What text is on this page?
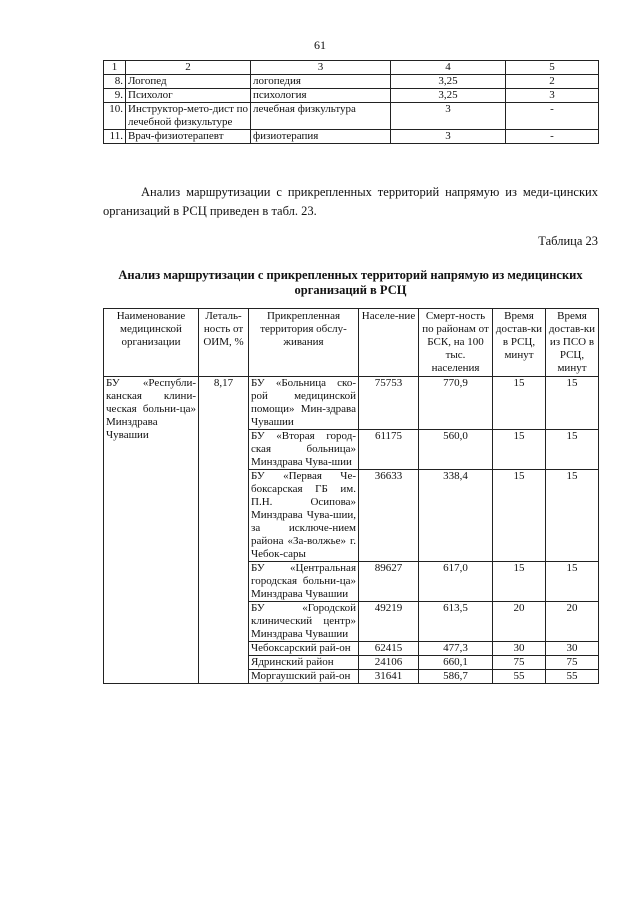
61
1	2	3	4	5
8.	Логопед	логопедия	3,25	2
9.	Психолог	психология	3,25	3
10.	Инструктор-мето-дист по лечебной физкультуре	лечебная физкультура	3	-
11.	Врач-физиотерапевт	физиотерапия	3	-
Анализ маршрутизации с прикрепленных территорий напрямую из меди-цинских организаций в РСЦ приведен в табл. 23.
Таблица 23
Анализ маршрутизации с прикрепленных территорий напрямую из медицинских организаций в РСЦ
Наименование медицинской организации	Леталь-ность от ОИМ, %	Прикрепленная территория обслу-живания	Населе-ние	Смерт-ность по районам от БСК, на 100 тыс. населения	Время достав-ки в РСЦ, минут	Время достав-ки из ПСО в РСЦ, минут
БУ «Республи-канская клини-ческая больни-ца» Минздрава Чувашии	8,17	БУ «Больница ско-рой медицинской помощи» Мин-здрава Чувашии	75753	770,9	15	15
		БУ «Вторая город-ская больница» Минздрава Чува-шии	61175	560,0	15	15
		БУ «Первая Че-боксарская ГБ им. П.Н. Осипова» Минздрава Чува-шии, за исключе-нием района «За-волжье» г. Чебок-сары	36633	338,4	15	15
		БУ «Центральная городская больни-ца» Минздрава Чувашии	89627	617,0	15	15
		БУ «Городской клинический центр» Минздрава Чувашии	49219	613,5	20	20
		Чебоксарский рай-он	62415	477,3	30	30
		Ядринский район	24106	660,1	75	75
		Моргаушский рай-он	31641	586,7	55	55
